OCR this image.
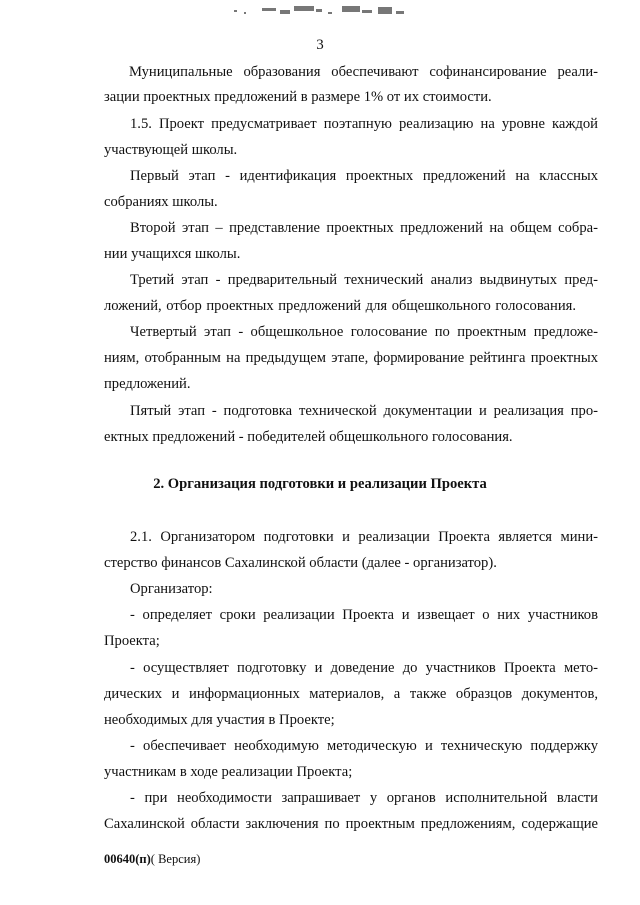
3
Муниципальные образования обеспечивают софинансирование реали-
зации проектных предложений в размере 1% от их стоимости.
1.5. Проект предусматривает поэтапную реализацию на уровне каждой
участвующей школы.
Первый этап - идентификация проектных предложений на классных
собраниях школы.
Второй этап – представление проектных предложений на общем собра-
нии учащихся школы.
Третий этап - предварительный технический анализ выдвинутых пред-
ложений, отбор проектных предложений для общешкольного голосования.
Четвертый этап - общешкольное голосование по проектным предложе-
ниям, отобранным на предыдущем этапе, формирование рейтинга проектных
предложений.
Пятый этап - подготовка технической документации и реализация про-
ектных предложений - победителей общешкольного голосования.
2. Организация подготовки и реализации Проекта
2.1. Организатором подготовки и реализации Проекта является мини-
стерство финансов Сахалинской области (далее - организатор).
Организатор:
- определяет сроки реализации Проекта и извещает о них участников
Проекта;
- осуществляет подготовку и доведение до участников Проекта мето-
дических и информационных материалов, а также образцов документов,
необходимых для участия в Проекте;
- обеспечивает необходимую методическую и техническую поддержку
участникам в ходе реализации Проекта;
- при необходимости запрашивает у органов исполнительной власти
Сахалинской области заключения по проектным предложениям, содержащие
00640(п)( Версия)
